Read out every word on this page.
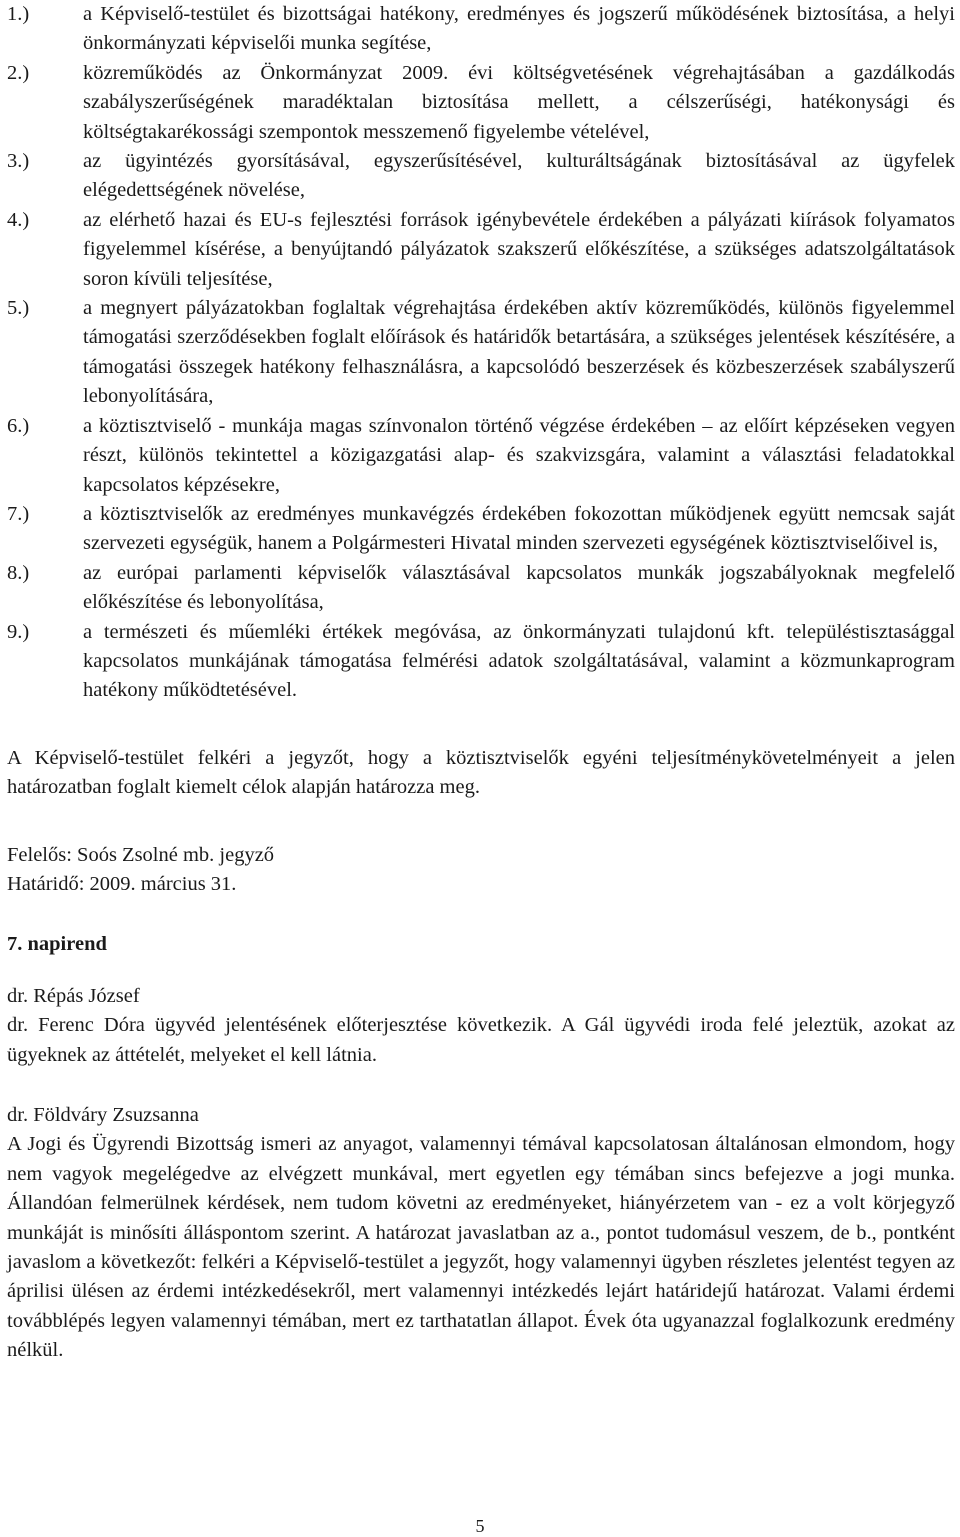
1.)	a Képviselő-testület és bizottságai hatékony, eredményes és jogszerű működésének biztosítása, a helyi önkormányzati képviselői munka segítése,
2.)	közreműködés az Önkormányzat 2009. évi költségvetésének végrehajtásában a gazdálkodás szabályszerűségének maradéktalan biztosítása mellett, a célszerűségi, hatékonysági és költségtakarékossági szempontok messzemenő figyelembe vételével,
3.)	az ügyintézés gyorsításával, egyszerűsítésével, kulturáltságának biztosításával az ügyfelek elégedettségének növelése,
4.)	az elérhető hazai és EU-s fejlesztési források igénybevétele érdekében a pályázati kiírások folyamatos figyelemmel kísérése, a benyújtandó pályázatok szakszerű előkészítése, a szükséges adatszolgáltatások soron kívüli teljesítése,
5.)	a megnyert pályázatokban foglaltak végrehajtása érdekében aktív közreműködés, különös figyelemmel támogatási szerződésekben foglalt előírások és határidők betartására, a szükséges jelentések készítésére, a támogatási összegek hatékony felhasználásra, a kapcsolódó beszerzések és közbeszerzések szabályszerű lebonyolítására,
6.)	a köztisztviselő - munkája magas színvonalon történő végzése érdekében – az előírt képzéseken vegyen részt, különös tekintettel a közigazgatási alap- és szakvizsgára, valamint a választási feladatokkal kapcsolatos képzésekre,
7.)	a köztisztviselők az eredményes munkavégzés érdekében fokozottan működjenek együtt nemcsak saját szervezeti egységük, hanem a Polgármesteri Hivatal minden szervezeti egységének köztisztviselőivel is,
8.)	az európai parlamenti képviselők választásával kapcsolatos munkák jogszabályoknak megfelelő előkészítése és lebonyolítása,
9.)	a természeti és műemléki értékek megóvása, az önkormányzati tulajdonú kft. településtisztasággal kapcsolatos munkájának támogatása felmérési adatok szolgáltatásával, valamint a közmunkaprogram hatékony működtetésével.

A Képviselő-testület felkéri a jegyzőt, hogy a köztisztviselők egyéni teljesítménykövetelményeit a jelen határozatban foglalt kiemelt célok alapján határozza meg.

Felelős: Soós Zsolné mb. jegyző
Határidő: 2009. március 31.

7. napirend

dr. Répás József
dr. Ferenc Dóra ügyvéd jelentésének előterjesztése következik. A Gál ügyvédi iroda felé jeleztük, azokat az ügyeknek az áttételét, melyeket el kell látnia.

dr. Földváry Zsuzsanna
A Jogi és Ügyrendi Bizottság ismeri az anyagot, valamennyi témával kapcsolatosan általánosan elmondom, hogy nem vagyok megelégedve az elvégzett munkával, mert egyetlen egy témában sincs befejezve a jogi munka. Állandóan felmerülnek kérdések, nem tudom követni az eredményeket, hiányérzetem van - ez a volt körjegyző munkáját is minősíti álláspontom szerint. A határozat javaslatban az a., pontot tudomásul veszem, de b., pontként javaslom a következőt: felkéri a Képviselő-testület a jegyzőt, hogy valamennyi ügyben részletes jelentést tegyen az áprilisi ülésen az érdemi intézkedésekről, mert valamennyi intézkedés lejárt határidejű határozat. Valami érdemi továbblépés legyen valamennyi témában, mert ez tarthatatlan állapot. Évek óta ugyanazzal foglalkozunk eredmény nélkül.

5
